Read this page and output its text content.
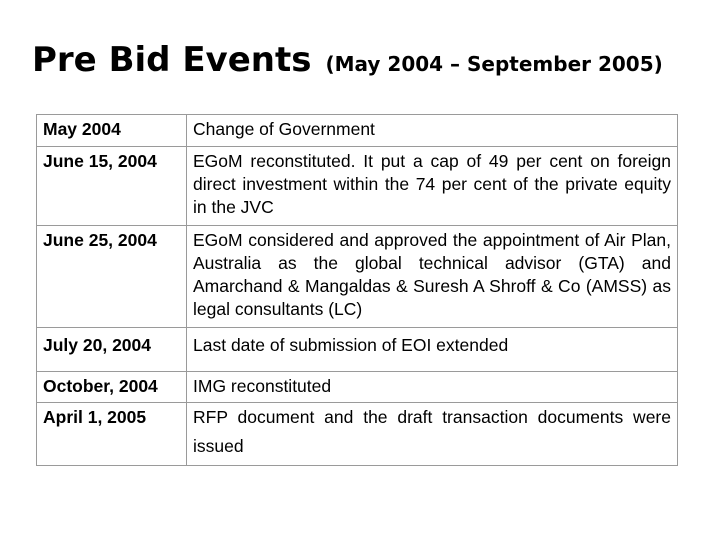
Pre Bid Events (May 2004 – September 2005)
May 2004	Change of Government
June 15, 2004	EGoM reconstituted. It put a cap of 49 per cent on foreign direct investment within the 74 per cent of the private equity in the JVC
June 25, 2004	EGoM considered and approved the appointment of Air Plan, Australia as the global technical advisor (GTA) and Amarchand & Mangaldas & Suresh A Shroff & Co (AMSS) as legal consultants (LC)
July 20, 2004	Last date of submission of EOI extended
October, 2004	IMG reconstituted
April 1, 2005	RFP document and the draft transaction documents were issued
